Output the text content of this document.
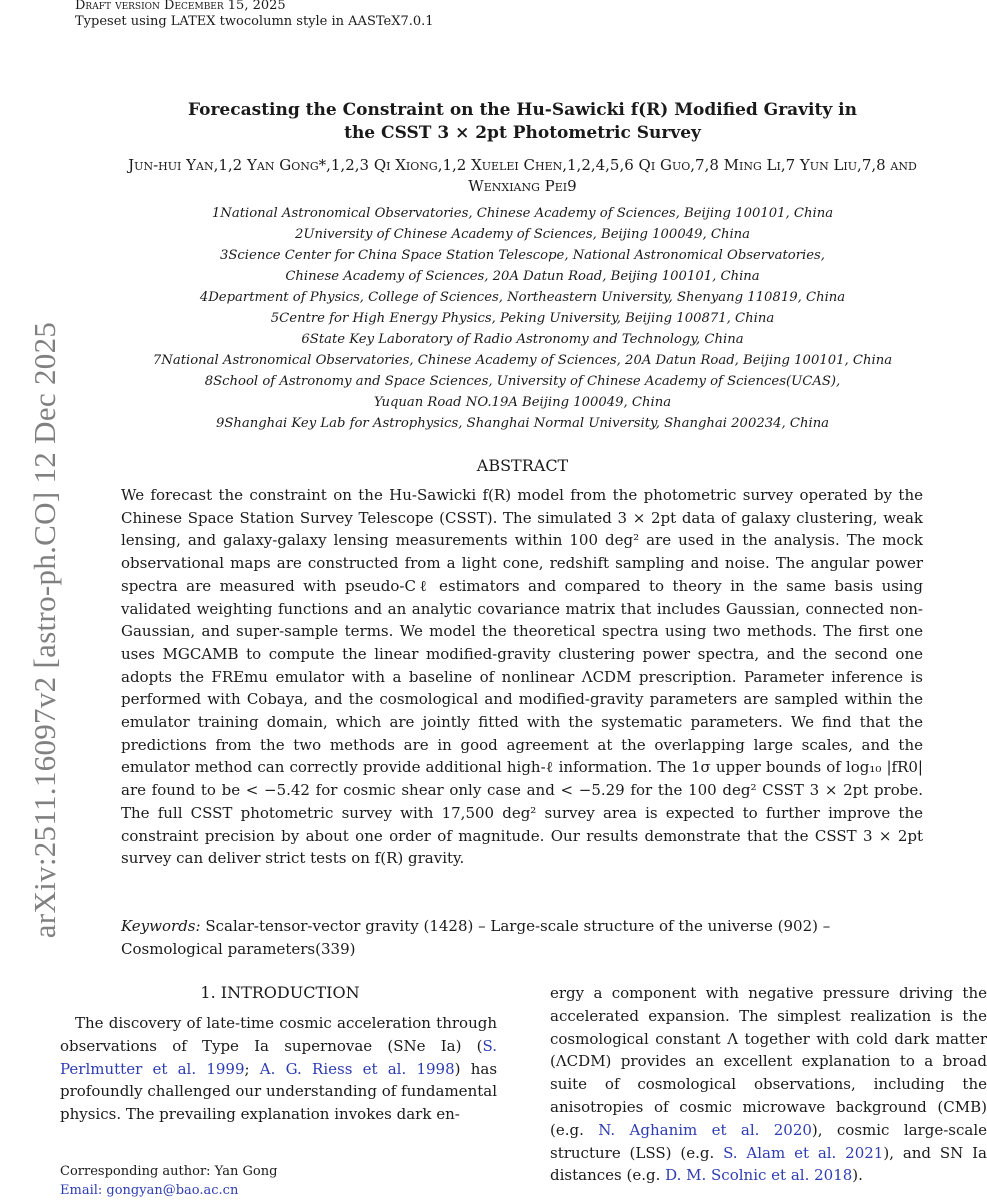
Draft version December 15, 2025
Typeset using LATEX twocolumn style in AASTeX7.0.1
arXiv:2511.16097v2 [astro-ph.CO] 12 Dec 2025
Forecasting the Constraint on the Hu-Sawicki f(R) Modified Gravity in
the CSST 3 × 2pt Photometric Survey
Jun-hui Yan,1,2 Yan Gong*,1,2,3 Qi Xiong,1,2 Xuelei Chen,1,2,4,5,6 Qi Guo,7,8 Ming Li,7 Yun Liu,7,8 and
Wenxiang Pei9
1National Astronomical Observatories, Chinese Academy of Sciences, Beijing 100101, China
2University of Chinese Academy of Sciences, Beijing 100049, China
3Science Center for China Space Station Telescope, National Astronomical Observatories,
Chinese Academy of Sciences, 20A Datun Road, Beijing 100101, China
4Department of Physics, College of Sciences, Northeastern University, Shenyang 110819, China
5Centre for High Energy Physics, Peking University, Beijing 100871, China
6State Key Laboratory of Radio Astronomy and Technology, China
7National Astronomical Observatories, Chinese Academy of Sciences, 20A Datun Road, Beijing 100101, China
8School of Astronomy and Space Sciences, University of Chinese Academy of Sciences(UCAS),
Yuquan Road NO.19A Beijing 100049, China
9Shanghai Key Lab for Astrophysics, Shanghai Normal University, Shanghai 200234, China
ABSTRACT
We forecast the constraint on the Hu-Sawicki f(R) model from the photometric survey operated by the Chinese Space Station Survey Telescope (CSST). The simulated 3 × 2pt data of galaxy clustering, weak lensing, and galaxy-galaxy lensing measurements within 100 deg² are used in the analysis. The mock observational maps are constructed from a light cone, redshift sampling and noise. The angular power spectra are measured with pseudo-Cℓ estimators and compared to theory in the same basis using validated weighting functions and an analytic covariance matrix that includes Gaussian, connected non-Gaussian, and super-sample terms. We model the theoretical spectra using two methods. The first one uses MGCAMB to compute the linear modified-gravity clustering power spectra, and the second one adopts the FREmu emulator with a baseline of nonlinear ΛCDM prescription. Parameter inference is performed with Cobaya, and the cosmological and modified-gravity parameters are sampled within the emulator training domain, which are jointly fitted with the systematic parameters. We find that the predictions from the two methods are in good agreement at the overlapping large scales, and the emulator method can correctly provide additional high-ℓ information. The 1σ upper bounds of log₁₀ |fR0| are found to be < −5.42 for cosmic shear only case and < −5.29 for the 100 deg² CSST 3 × 2pt probe. The full CSST photometric survey with 17,500 deg² survey area is expected to further improve the constraint precision by about one order of magnitude. Our results demonstrate that the CSST 3 × 2pt survey can deliver strict tests on f(R) gravity.
Keywords: Scalar-tensor-vector gravity (1428) – Large-scale structure of the universe (902) – Cosmological parameters(339)
1. INTRODUCTION
The discovery of late-time cosmic acceleration through observations of Type Ia supernovae (SNe Ia) (S. Perlmutter et al. 1999; A. G. Riess et al. 1998) has profoundly challenged our understanding of fundamental physics. The prevailing explanation invokes dark en-
ergy a component with negative pressure driving the accelerated expansion. The simplest realization is the cosmological constant Λ together with cold dark matter (ΛCDM) provides an excellent explanation to a broad suite of cosmological observations, including the anisotropies of cosmic microwave background (CMB) (e.g. N. Aghanim et al. 2020), cosmic large-scale structure (LSS) (e.g. S. Alam et al. 2021), and SN Ia distances (e.g. D. M. Scolnic et al. 2018).
Corresponding author: Yan Gong
Email: gongyan@bao.ac.cn
